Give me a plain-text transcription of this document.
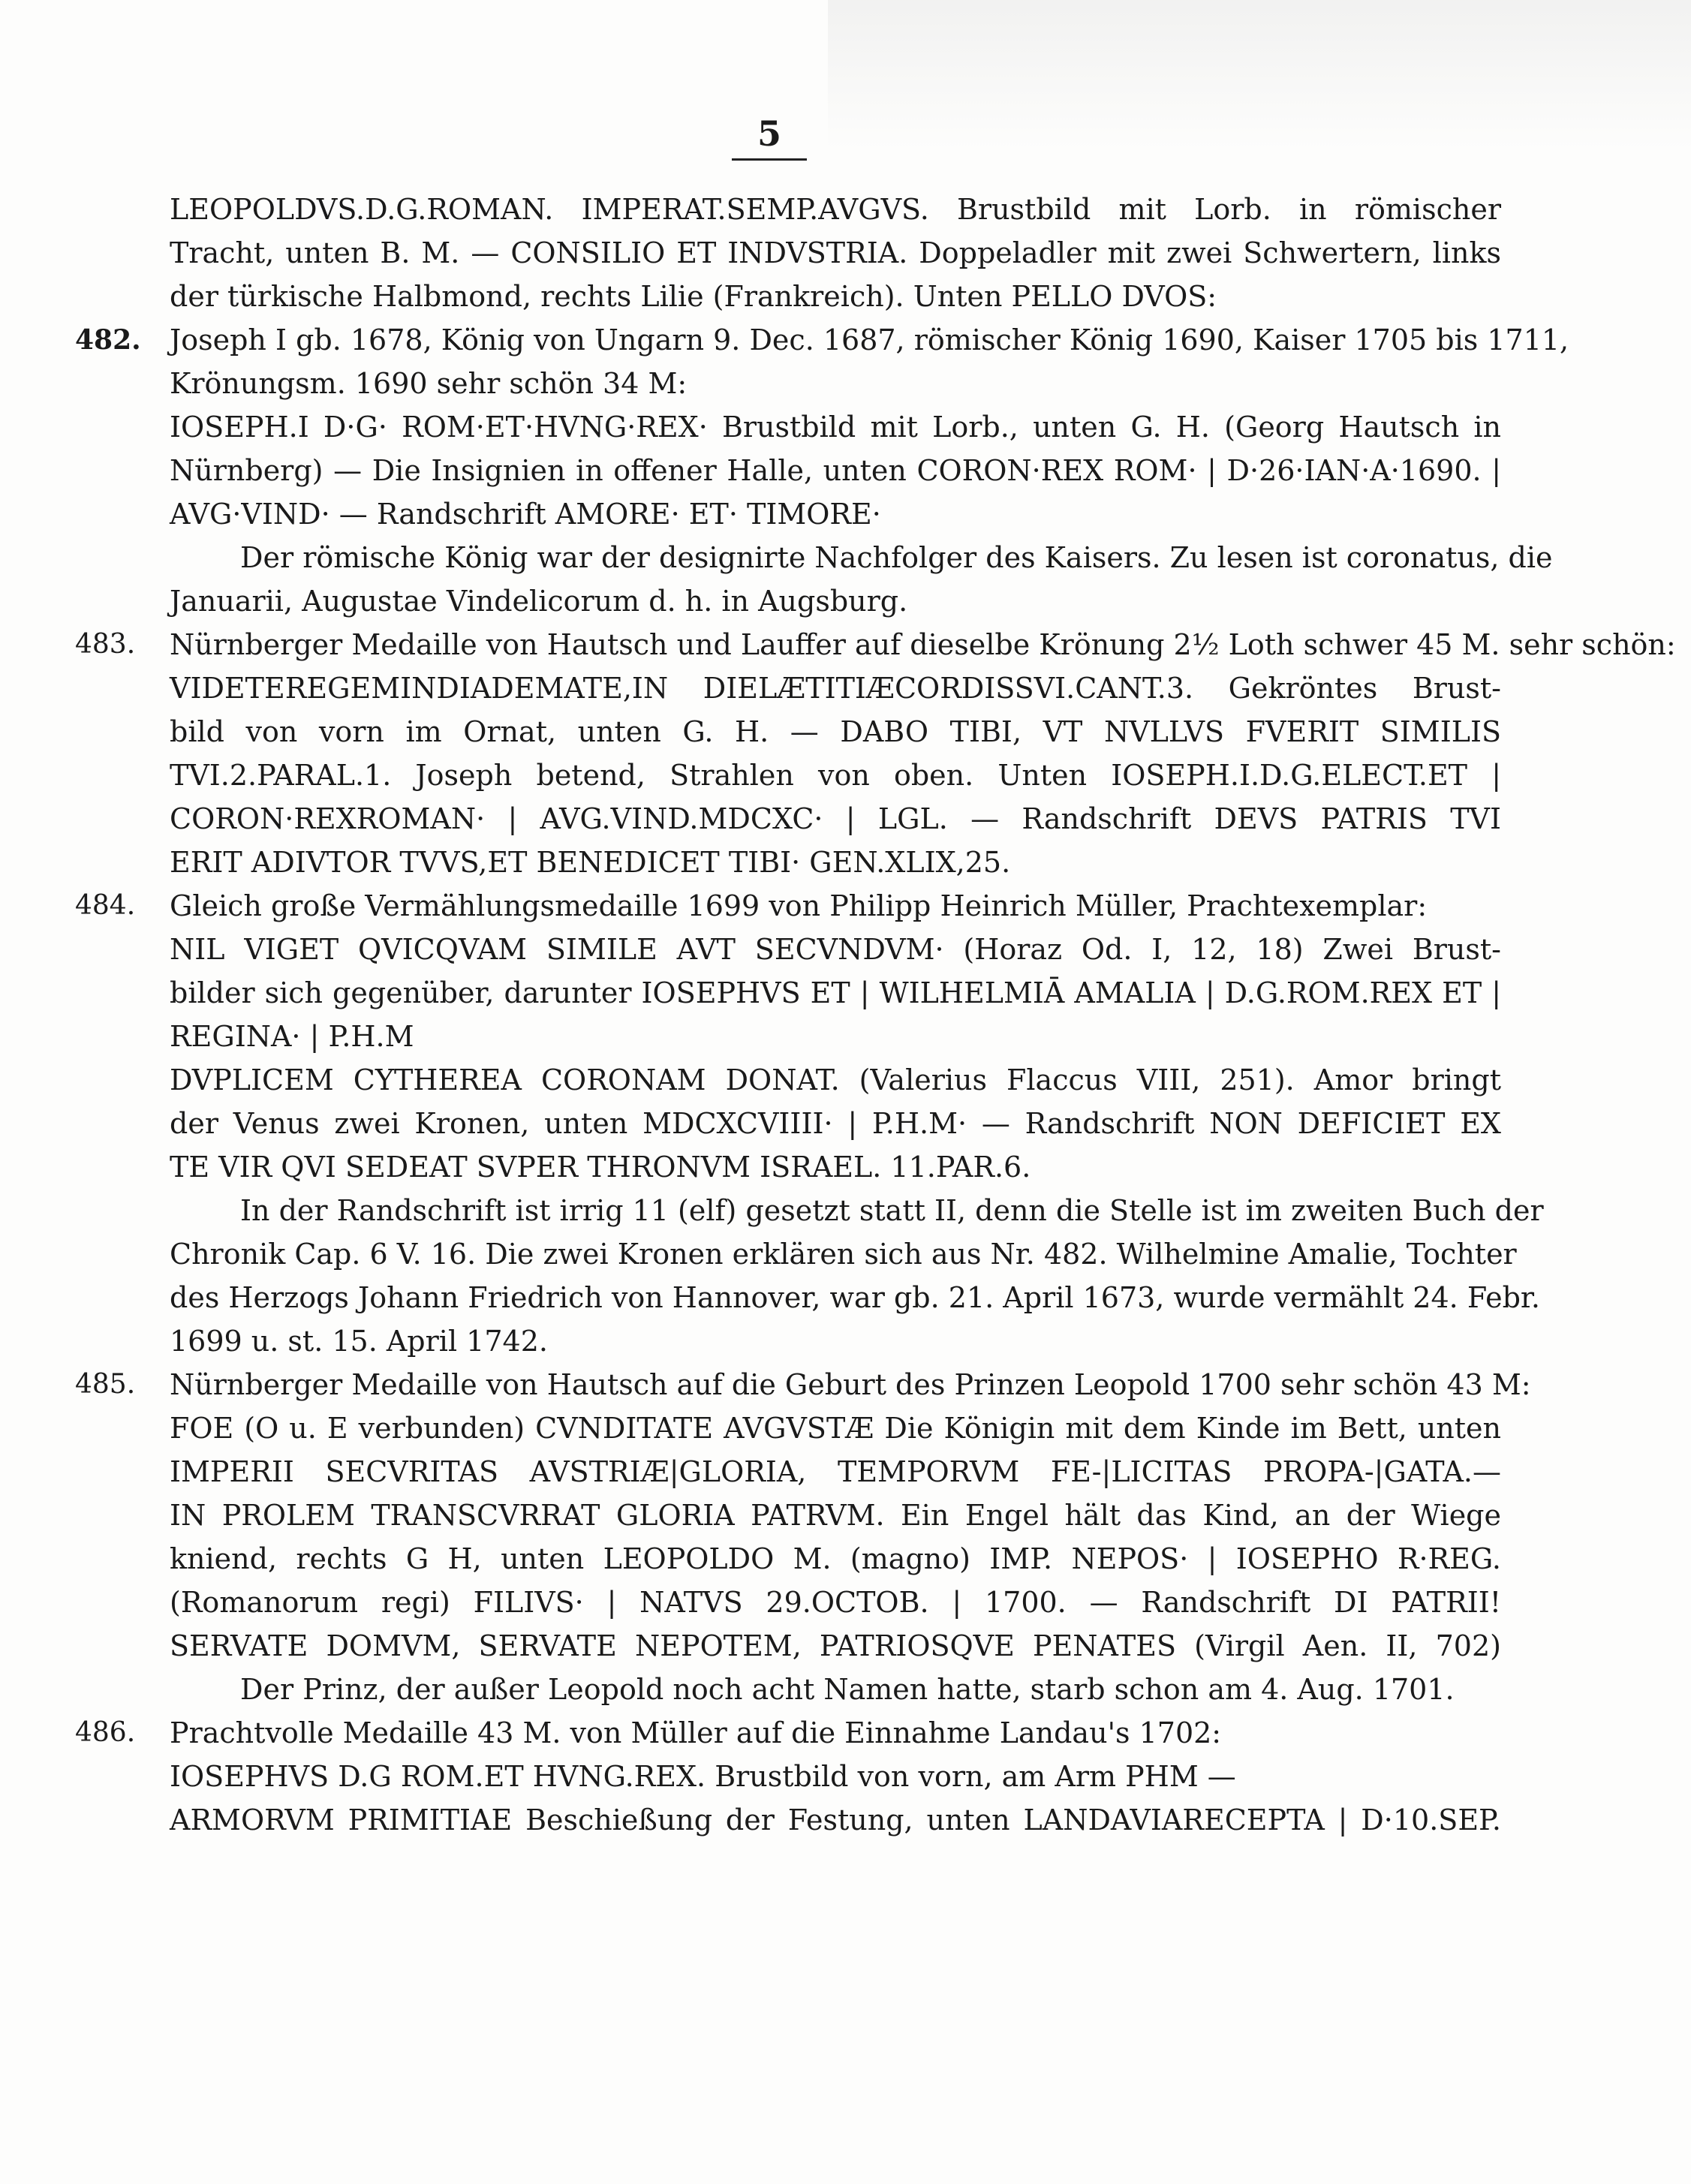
5
LEOPOLDVS.D.G.ROMAN. IMPERAT.SEMP.AVGVS. Brustbild mit Lorb. in römischer
Tracht, unten B. M. — CONSILIO ET INDVSTRIA. Doppeladler mit zwei Schwertern, links
der türkische Halbmond, rechts Lilie (Frankreich). Unten PELLO DVOS:
482.	Joseph I gb. 1678, König von Ungarn 9. Dec. 1687, römischer König 1690, Kaiser 1705 bis 1711,
Krönungsm. 1690 sehr schön 34 M:
IOSEPH.I D·G· ROM·ET·HVNG·REX· Brustbild mit Lorb., unten G. H. (Georg Hautsch in
Nürnberg) — Die Insignien in offener Halle, unten CORON·REX ROM· | D·26·IAN·A·1690. |
AVG·VIND· — Randschrift AMORE· ET· TIMORE·
Der römische König war der designirte Nachfolger des Kaisers. Zu lesen ist coronatus, die
Januarii, Augustae Vindelicorum d. h. in Augsburg.
483.	Nürnberger Medaille von Hautsch und Lauffer auf dieselbe Krönung 2½ Loth schwer 45 M. sehr schön:
VIDETEREGEMINDIADEMATE,IN DIELÆTITIÆCORDISSVI.CANT.3. Gekröntes Brust-
bild von vorn im Ornat, unten G. H. — DABO TIBI, VT NVLLVS FVERIT SIMILIS
TVI.2.PARAL.1. Joseph betend, Strahlen von oben. Unten IOSEPH.I.D.G.ELECT.ET |
CORON·REXROMAN· | AVG.VIND.MDCXC· | LGL. — Randschrift DEVS PATRIS TVI
ERIT ADIVTOR TVVS,ET BENEDICET TIBI· GEN.XLIX,25.
484.	Gleich große Vermählungsmedaille 1699 von Philipp Heinrich Müller, Prachtexemplar:
NIL VIGET QVICQVAM SIMILE AVT SECVNDVM· (Horaz Od. I, 12, 18) Zwei Brust-
bilder sich gegenüber, darunter IOSEPHVS ET | WILHELMIĀ AMALIA | D.G.ROM.REX ET |
REGINA· | P.H.M
DVPLICEM CYTHEREA CORONAM DONAT. (Valerius Flaccus VIII, 251). Amor bringt
der Venus zwei Kronen, unten MDCXCVIIII· | P.H.M· — Randschrift NON DEFICIET EX
TE VIR QVI SEDEAT SVPER THRONVM ISRAEL. 11.PAR.6.
In der Randschrift ist irrig 11 (elf) gesetzt statt II, denn die Stelle ist im zweiten Buch der
Chronik Cap. 6 V. 16. Die zwei Kronen erklären sich aus Nr. 482. Wilhelmine Amalie, Tochter
des Herzogs Johann Friedrich von Hannover, war gb. 21. April 1673, wurde vermählt 24. Febr.
1699 u. st. 15. April 1742.
485.	Nürnberger Medaille von Hautsch auf die Geburt des Prinzen Leopold 1700 sehr schön 43 M:
FOE (O u. E verbunden) CVNDITATE AVGVSTÆ Die Königin mit dem Kinde im Bett, unten
IMPERII SECVRITAS AVSTRIÆ|GLORIA, TEMPORVM FE-|LICITAS PROPA-|GATA.—
IN PROLEM TRANSCVRRAT GLORIA PATRVM. Ein Engel hält das Kind, an der Wiege
kniend, rechts G H, unten LEOPOLDO M. (magno) IMP. NEPOS· | IOSEPHO R·REG.
(Romanorum regi) FILIVS· | NATVS 29.OCTOB. | 1700. — Randschrift DI PATRII!
SERVATE DOMVM, SERVATE NEPOTEM, PATRIOSQVE PENATES (Virgil Aen. II, 702)
Der Prinz, der außer Leopold noch acht Namen hatte, starb schon am 4. Aug. 1701.
486.	Prachtvolle Medaille 43 M. von Müller auf die Einnahme Landau's 1702:
IOSEPHVS D.G ROM.ET HVNG.REX. Brustbild von vorn, am Arm PHM —
ARMORVM PRIMITIAE Beschießung der Festung, unten LANDAVIARECEPTA | D·10.SEP.
